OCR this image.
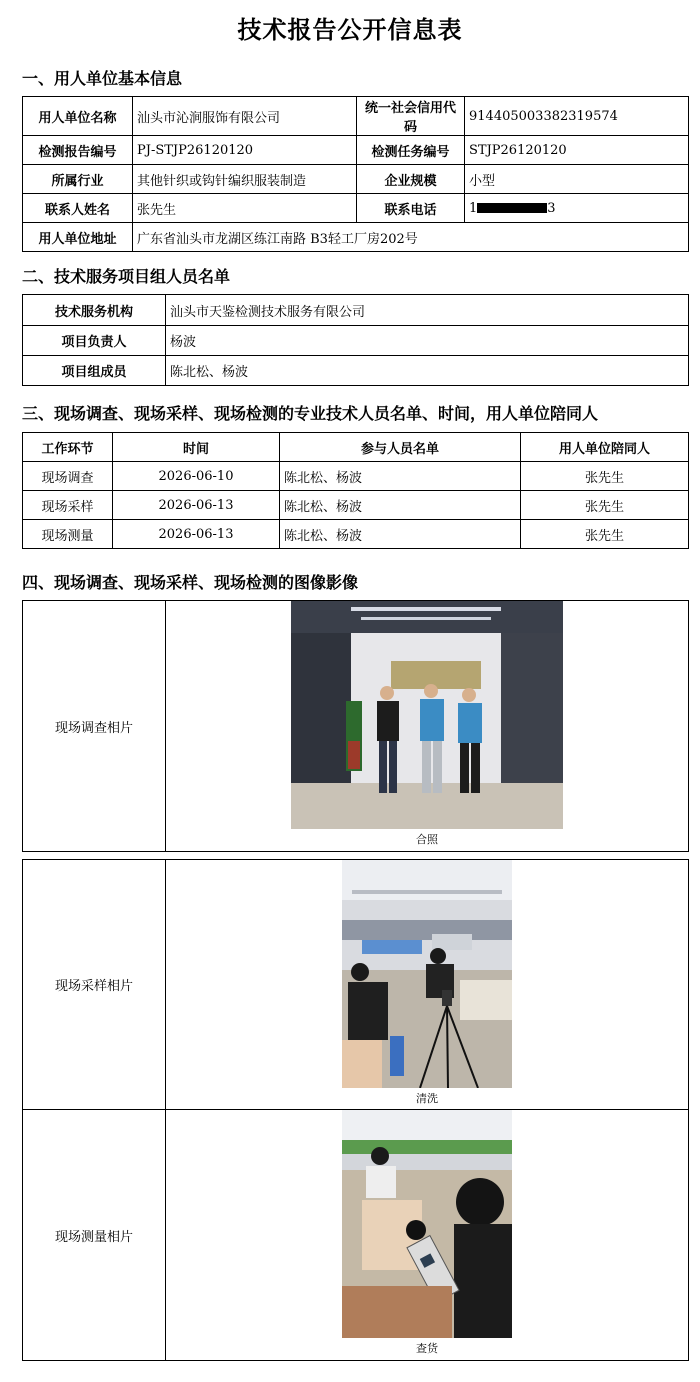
技术报告公开信息表
一、用人单位基本信息
用人单位名称	汕头市沁涧服饰有限公司	统一社会信用代码	914405003382319574
检测报告编号	PJ-STJP26120120	检测任务编号	STJP26120120
所属行业	其他针织或钩针编织服装制造	企业规模	小型
联系人姓名	张先生	联系电话	1 3
用人单位地址	广东省汕头市龙湖区练江南路 B3轻工厂房202号		
二、技术服务项目组人员名单
技术服务机构	汕头市天鉴检测技术服务有限公司
项目负责人	杨波
项目组成员	陈北松、杨波
三、现场调查、现场采样、现场检测的专业技术人员名单、时间，用人单位陪同人
工作环节	时间	参与人员名单	用人单位陪同人
现场调查	2026-06-10	陈北松、杨波	张先生
现场采样	2026-06-13	陈北松、杨波	张先生
现场测量	2026-06-13	陈北松、杨波	张先生
四、现场调查、现场采样、现场检测的图像影像
现场调查相片	
合照
现场采样相片	清洗

现场测量相片	查货
